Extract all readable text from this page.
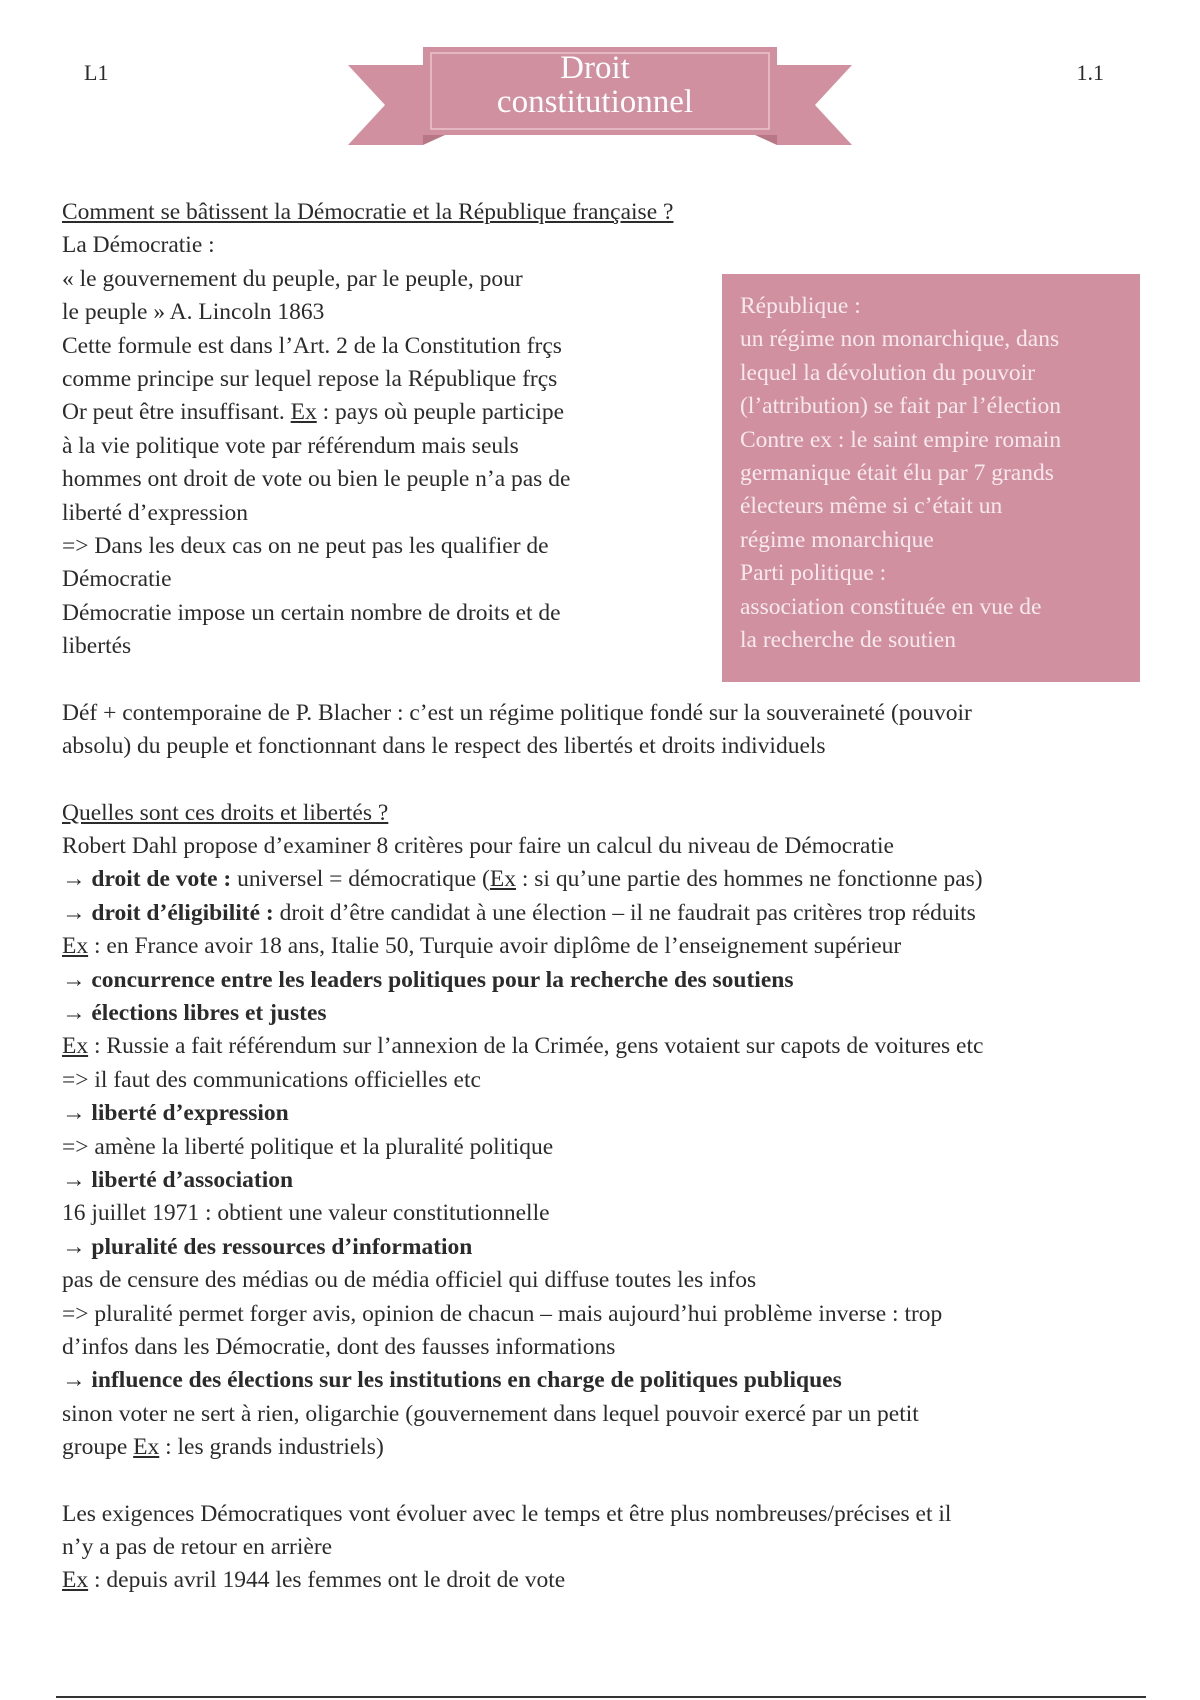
L1	1.1
Droit
constitutionnel
République :
un régime non monarchique, dans
lequel la dévolution du pouvoir
(l’attribution) se fait par l’élection
Contre ex : le saint empire romain
germanique était élu par 7 grands
électeurs même si c’était un
régime monarchique
Parti politique :
association constituée en vue de
la recherche de soutien
Comment se bâtissent la Démocratie et la République française ?
La Démocratie :
« le gouvernement du peuple, par le peuple, pour
le peuple » A. Lincoln 1863
Cette formule est dans l’Art. 2 de la Constitution frçs
comme principe sur lequel repose la République frçs
Or peut être insuffisant. Ex : pays où peuple participe
à la vie politique vote par référendum mais seuls
hommes ont droit de vote ou bien le peuple n’a pas de
liberté d’expression
=> Dans les deux cas on ne peut pas les qualifier de
Démocratie
Démocratie impose un certain nombre de droits et de
libertés
Déf + contemporaine de P. Blacher : c’est un régime politique fondé sur la souveraineté (pouvoir
absolu) du peuple et fonctionnant dans le respect des libertés et droits individuels
Quelles sont ces droits et libertés ?
Robert Dahl propose d’examiner 8 critères pour faire un calcul du niveau de Démocratie
→ droit de vote : universel = démocratique (Ex : si qu’une partie des hommes ne fonctionne pas)
→ droit d’éligibilité : droit d’être candidat à une élection – il ne faudrait pas critères trop réduits
Ex : en France avoir 18 ans, Italie 50, Turquie avoir diplôme de l’enseignement supérieur
→ concurrence entre les leaders politiques pour la recherche des soutiens
→ élections libres et justes
Ex : Russie a fait référendum sur l’annexion de la Crimée, gens votaient sur capots de voitures etc
=> il faut des communications officielles etc
→ liberté d’expression
=> amène la liberté politique et la pluralité politique
→ liberté d’association
16 juillet 1971 : obtient une valeur constitutionnelle
→ pluralité des ressources d’information
pas de censure des médias ou de média officiel qui diffuse toutes les infos
=> pluralité permet forger avis, opinion de chacun – mais aujourd’hui problème inverse : trop
d’infos dans les Démocratie, dont des fausses informations
→ influence des élections sur les institutions en charge de politiques publiques
sinon voter ne sert à rien, oligarchie (gouvernement dans lequel pouvoir exercé par un petit
groupe Ex : les grands industriels)
Les exigences Démocratiques vont évoluer avec le temps et être plus nombreuses/précises et il
n’y a pas de retour en arrière
Ex : depuis avril 1944 les femmes ont le droit de vote
